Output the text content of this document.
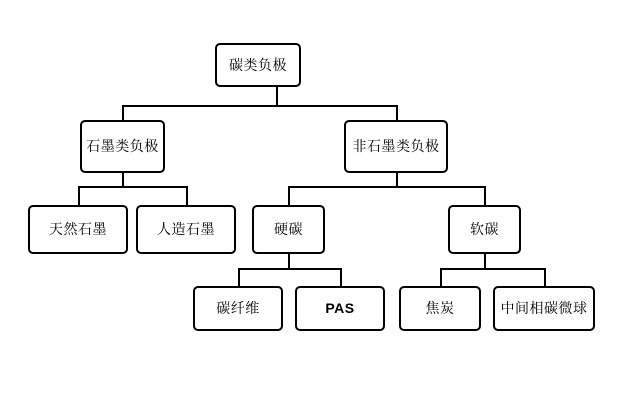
碳类负极
石墨类负极	非石墨类负极
天然石墨	人造石墨	硬碳	软碳
碳纤维	PAS	焦炭	中间相碳微球
